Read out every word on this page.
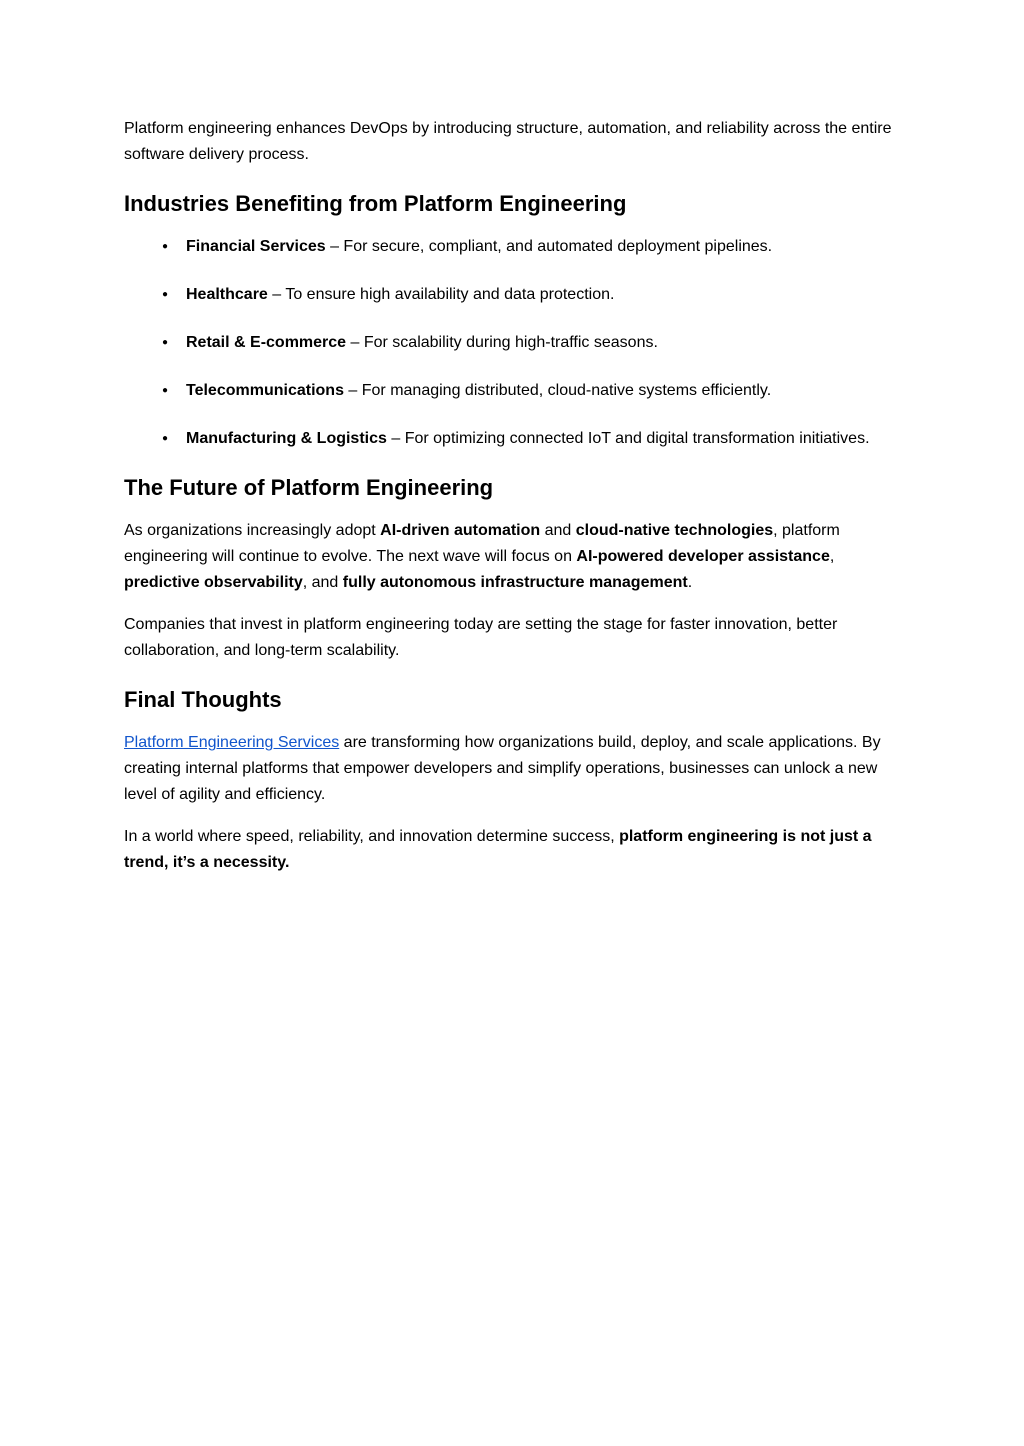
Platform engineering enhances DevOps by introducing structure, automation, and reliability across the entire software delivery process.

Industries Benefiting from Platform Engineering
● Financial Services – For secure, compliant, and automated deployment pipelines.
● Healthcare – To ensure high availability and data protection.
● Retail & E-commerce – For scalability during high-traffic seasons.
● Telecommunications – For managing distributed, cloud-native systems efficiently.
● Manufacturing & Logistics – For optimizing connected IoT and digital transformation initiatives.
The Future of Platform Engineering

As organizations increasingly adopt AI-driven automation and cloud-native technologies, platform engineering will continue to evolve. The next wave will focus on AI-powered developer assistance, predictive observability, and fully autonomous infrastructure management.

Companies that invest in platform engineering today are setting the stage for faster innovation, better collaboration, and long-term scalability.

Final Thoughts

Platform Engineering Services are transforming how organizations build, deploy, and scale applications. By creating internal platforms that empower developers and simplify operations, businesses can unlock a new level of agility and efficiency.

In a world where speed, reliability, and innovation determine success, platform engineering is not just a trend, it’s a necessity.
